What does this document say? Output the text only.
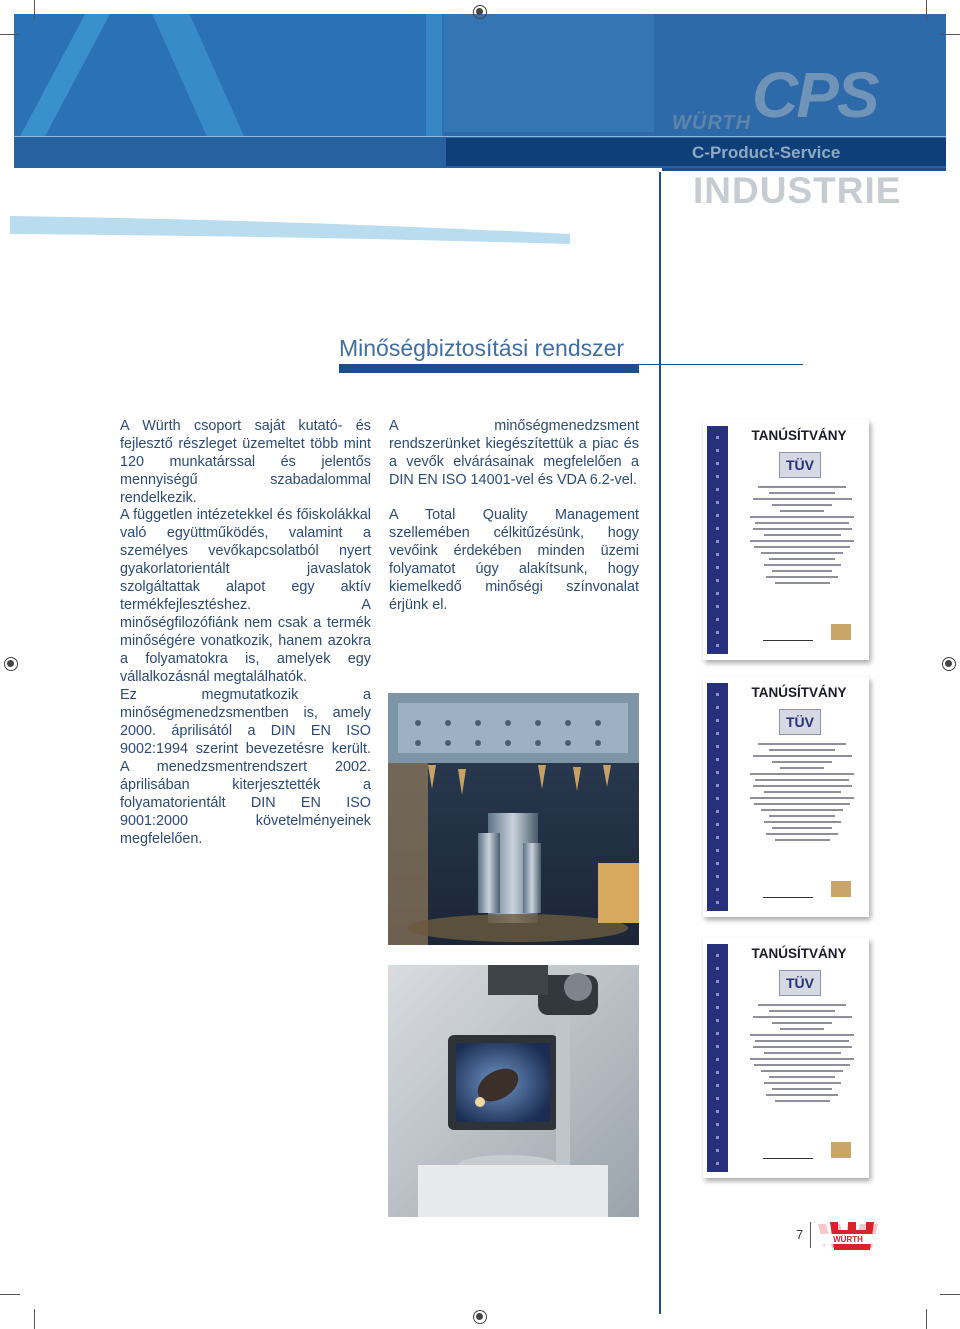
WÜRTH CPS
C-Product-Service
INDUSTRIE
Minőségbiztosítási rendszer

A Würth csoport saját kutató- és fejlesztő részleget üzemeltet több mint 120 munkatárssal és jelentős mennyiségű szabadalommal rendelkezik.

A független intézetekkel és főiskolákkal való együttműködés, valamint a személyes vevőkapcsolatból nyert gyakorlatorientált javaslatok szolgáltattak alapot egy aktív termékfejlesztéshez. A minőségfilozófiánk nem csak a termék minőségére vonatkozik, hanem azokra a folyamatokra is, amelyek egy vállalkozásnál megtalálhatók.

Ez megmutatkozik a minőségmenedzsmentben is, amely 2000. áprilisától a DIN EN ISO 9002:1994 szerint bevezetésre került. A menedzsmentrendszert 2002. áprilisában kiterjesztették a folyamatorientált DIN EN ISO 9001:2000 követelményeinek megfelelően.

A minőségmenedzsment rendszerünket kiegészítettük a piac és a vevők elvárásainak megfelelően a DIN EN ISO 14001-vel és VDA 6.2-vel.

A Total Quality Management szellemében célkitűzésünk, hogy vevőink érdekében minden üzemi folyamatot úgy alakítsunk, hogy kiemelkedő minőségi színvonalat érjünk el.

TANÚSÍTVÁNY
TÜV
TANÚSÍTVÁNY
TÜV
TANÚSÍTVÁNY
TÜV
7	WÜRTH
